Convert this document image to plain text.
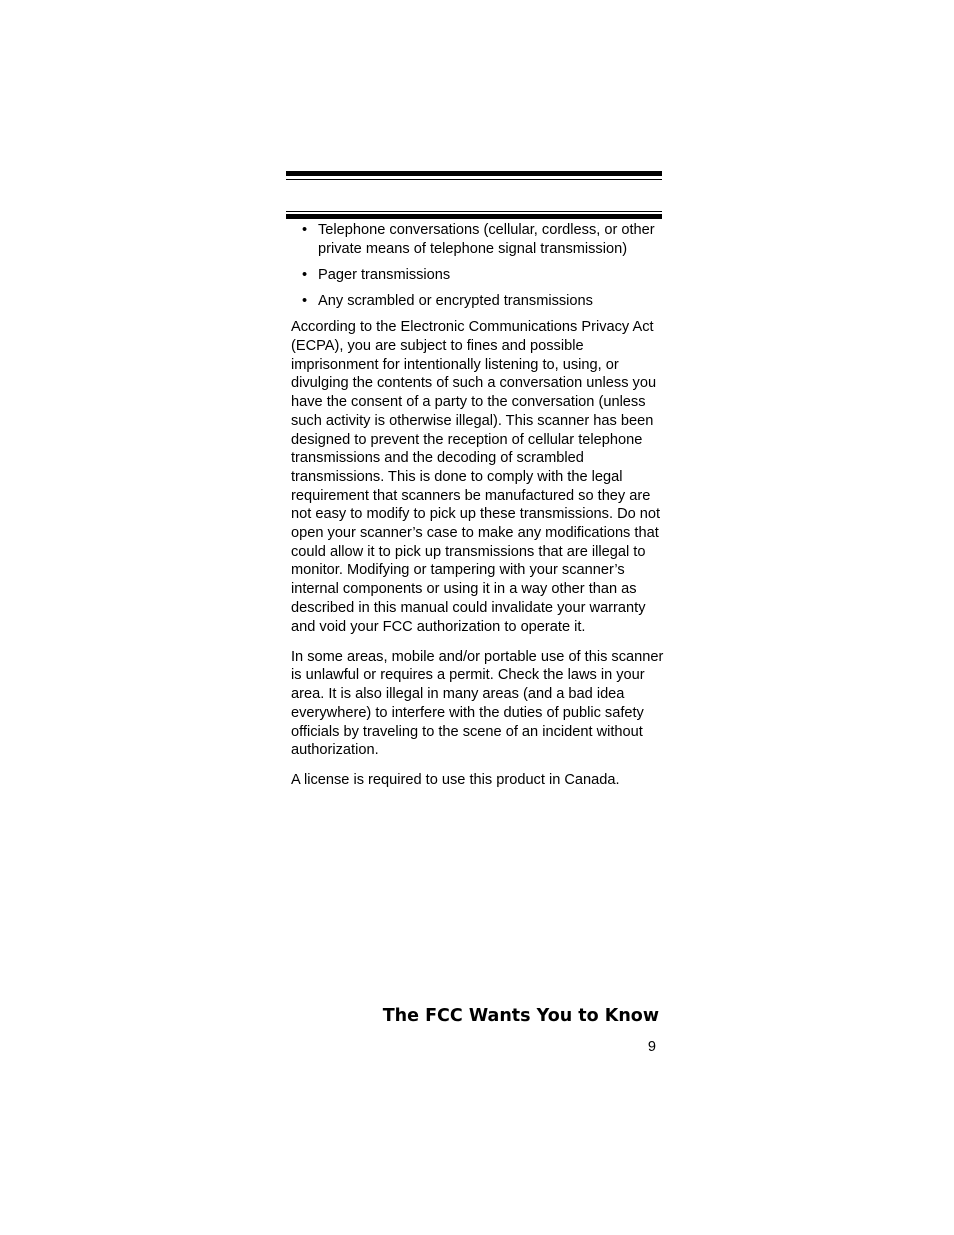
• Telephone conversations (cellular, cordless, or other private means of telephone signal transmission)
• Pager transmissions
• Any scrambled or encrypted transmissions

According to the Electronic Communications Privacy Act (ECPA), you are subject to fines and possible imprisonment for intentionally listening to, using, or divulging the contents of such a conversation unless you have the consent of a party to the conversation (unless such activity is otherwise illegal). This scanner has been designed to prevent the reception of cellular telephone transmissions and the decoding of scrambled transmissions. This is done to comply with the legal requirement that scanners be manufactured so they are not easy to modify to pick up these transmissions. Do not open your scanner’s case to make any modifications that could allow it to pick up transmissions that are illegal to monitor. Modifying or tampering with your scanner’s internal components or using it in a way other than as described in this manual could invalidate your warranty and void your FCC authorization to operate it.

In some areas, mobile and/or portable use of this scanner is unlawful or requires a permit. Check the laws in your area. It is also illegal in many areas (and a bad idea everywhere) to interfere with the duties of public safety officials by traveling to the scene of an incident without authorization.

A license is required to use this product in Canada.

The FCC Wants You to Know
9
